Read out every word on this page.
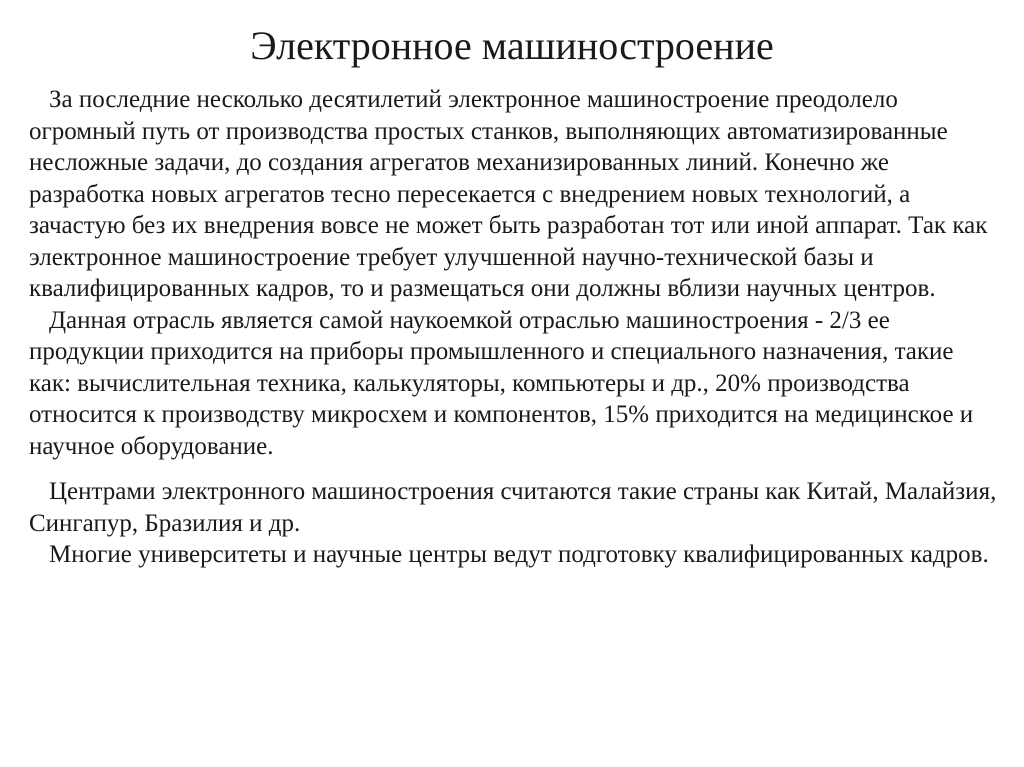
Электронное машиностроение

За последние несколько десятилетий электронное машиностроение преодолело огромный путь от производства простых станков, выполняющих автоматизированные несложные задачи, до создания агрегатов механизированных линий. Конечно же разработка новых агрегатов тесно пересекается с внедрением новых технологий, а зачастую без их внедрения вовсе не может быть разработан тот или иной аппарат. Так как электронное машиностроение требует улучшенной научно-технической базы и квалифицированных кадров, то и размещаться они должны вблизи научных центров.

Данная отрасль является самой наукоемкой отраслью машиностроения - 2/3 ее продукции приходится на приборы промышленного и специального назначения, такие как: вычислительная техника, калькуляторы, компьютеры и др., 20% производства относится к производству микросхем и компонентов, 15% приходится на медицинское и научное оборудование.

Центрами электронного машиностроения считаются такие страны как Китай, Малайзия, Сингапур, Бразилия и др.

Многие университеты и научные центры ведут подготовку квалифицированных кадров.
